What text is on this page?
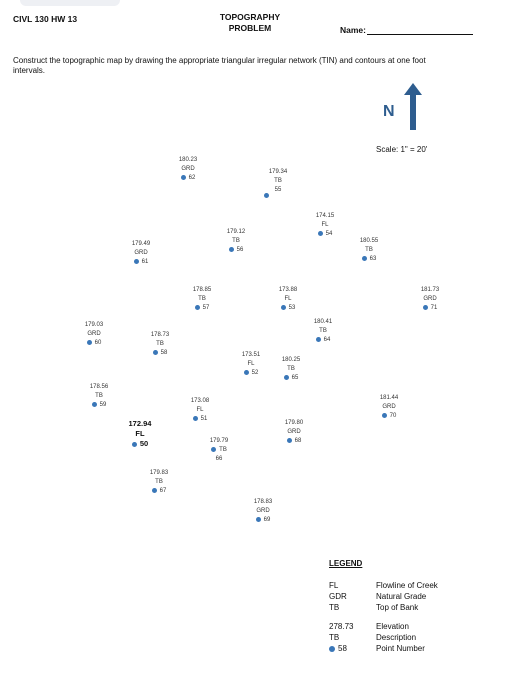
CIVL 130 HW 13	TOPOGRAPHY
PROBLEM	Name:
Construct the topographic map by drawing the appropriate triangular irregular network (TIN) and contours at one foot intervals.
N
Scale: 1" = 20'
180.23
GRD
62
179.34
TB
55
174.15
FL
54
179.12
TB
56
179.49
GRD
61
180.55
TB
63
178.85
TB
57
173.88
FL
53
181.73
GRD
71
179.03
GRD
60
178.73
TB
58
180.41
TB
64
173.51
FL
52
180.25
TB
65
178.56
TB
59
173.08
FL
51
181.44
GRD
70
172.94
FL
50
179.80
GRD
68
179.79
TB
66
179.83
TB
67
178.83
GRD
69
LEGEND
FL	Flowline of Creek
GDR	Natural Grade
TB	Top of Bank
278.73	Elevation
TB	Description
58	Point Number
